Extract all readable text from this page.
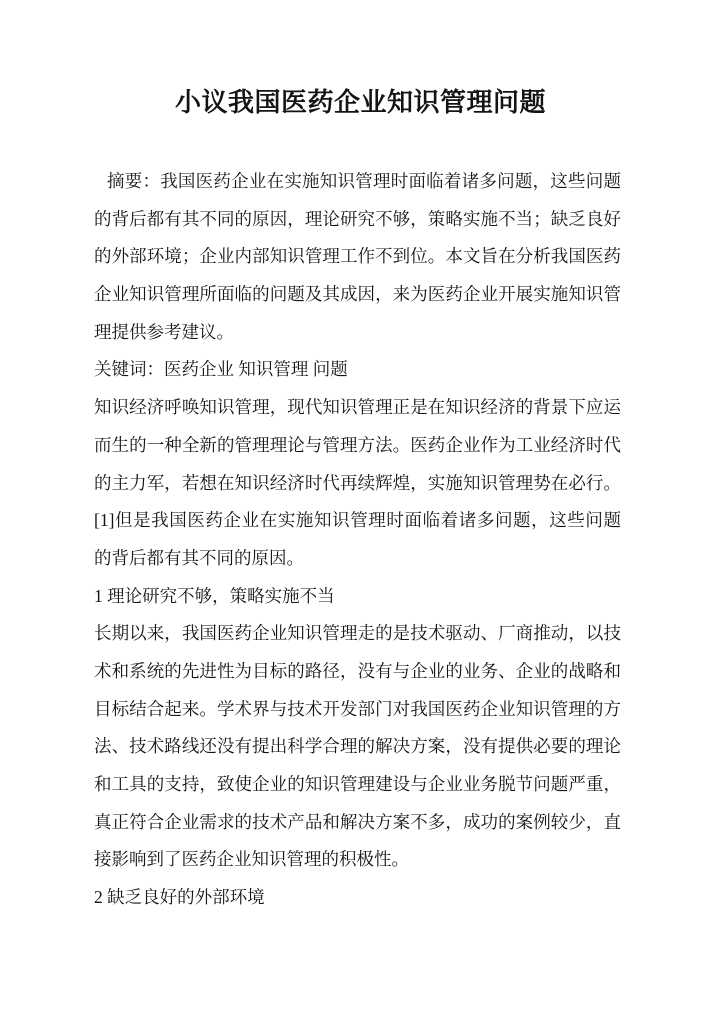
小议我国医药企业知识管理问题

摘要：我国医药企业在实施知识管理时面临着诸多问题，这些问题
的背后都有其不同的原因，理论研究不够，策略实施不当；缺乏良好
的外部环境；企业内部知识管理工作不到位。本文旨在分析我国医药
企业知识管理所面临的问题及其成因，来为医药企业开展实施知识管
理提供参考建议。

关键词：医药企业 知识管理 问题

知识经济呼唤知识管理，现代知识管理正是在知识经济的背景下应运
而生的一种全新的管理理论与管理方法。医药企业作为工业经济时代
的主力军，若想在知识经济时代再续辉煌，实施知识管理势在必行。
[1]但是我国医药企业在实施知识管理时面临着诸多问题，这些问题
的背后都有其不同的原因。

1 理论研究不够，策略实施不当

长期以来，我国医药企业知识管理走的是技术驱动、厂商推动，以技
术和系统的先进性为目标的路径，没有与企业的业务、企业的战略和
目标结合起来。学术界与技术开发部门对我国医药企业知识管理的方
法、技术路线还没有提出科学合理的解决方案，没有提供必要的理论
和工具的支持，致使企业的知识管理建设与企业业务脱节问题严重，
真正符合企业需求的技术产品和解决方案不多，成功的案例较少，直
接影响到了医药企业知识管理的积极性。

2 缺乏良好的外部环境
